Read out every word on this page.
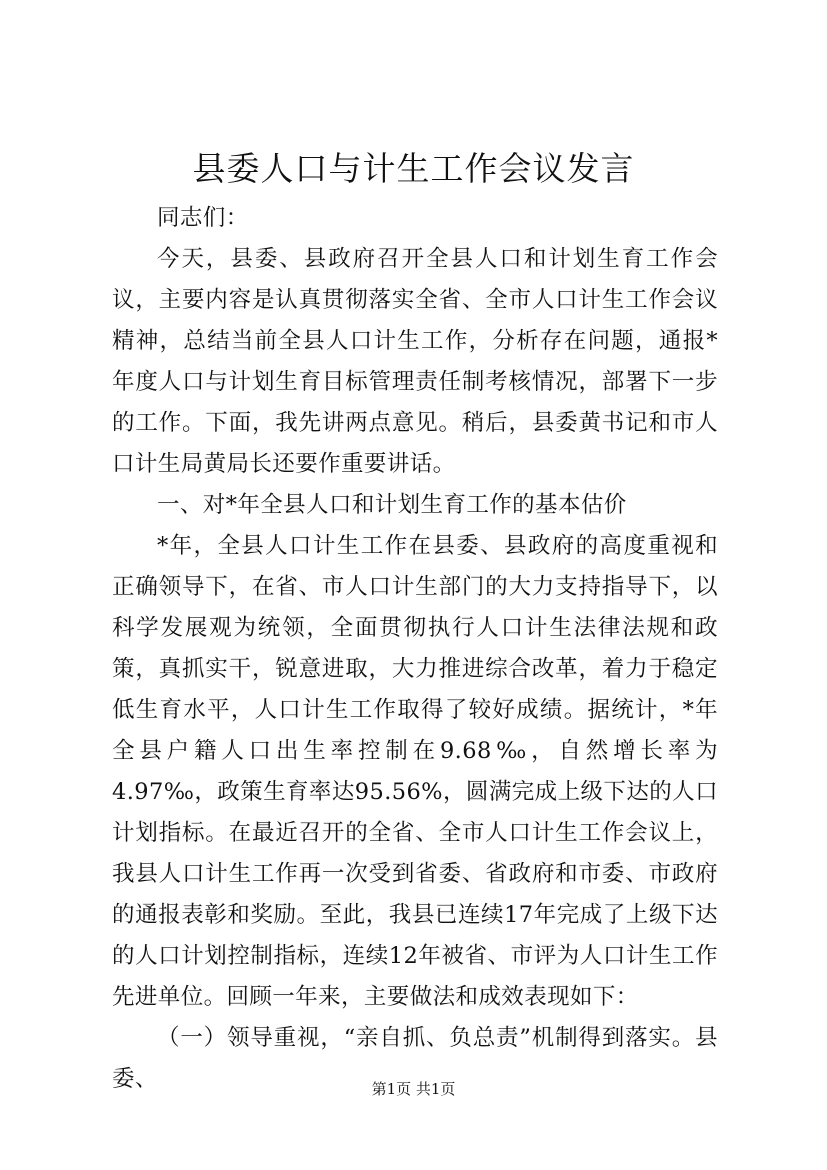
县委人口与计生工作会议发言

同志们：

今天，县委、县政府召开全县人口和计划生育工作会议，主要内容是认真贯彻落实全省、全市人口计生工作会议精神，总结当前全县人口计生工作，分析存在问题，通报*年度人口与计划生育目标管理责任制考核情况，部署下一步的工作。下面，我先讲两点意见。稍后，县委黄书记和市人口计生局黄局长还要作重要讲话。

一、对*年全县人口和计划生育工作的基本估价

*年，全县人口计生工作在县委、县政府的高度重视和正确领导下，在省、市人口计生部门的大力支持指导下，以科学发展观为统领，全面贯彻执行人口计生法律法规和政策，真抓实干，锐意进取，大力推进综合改革，着力于稳定低生育水平，人口计生工作取得了较好成绩。据统计，*年全县户籍人口出生率控制在9.68‰，自然增长率为4.97‰，政策生育率达95.56%，圆满完成上级下达的人口计划指标。在最近召开的全省、全市人口计生工作会议上，我县人口计生工作再一次受到省委、省政府和市委、市政府的通报表彰和奖励。至此，我县已连续17年完成了上级下达的人口计划控制指标，连续12年被省、市评为人口计生工作先进单位。回顾一年来，主要做法和成效表现如下：

（一）领导重视，“亲自抓、负总责”机制得到落实。县委、	第1页 共1页
